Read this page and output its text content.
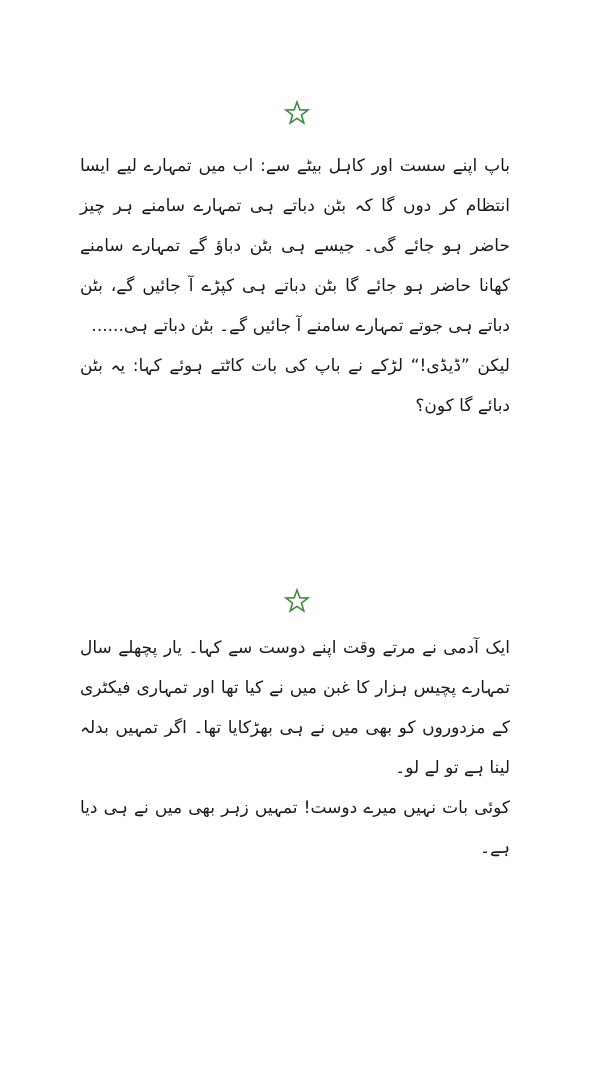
باپ اپنے سست اور کاہل بیٹے سے: اب میں تمہارے لیے ایسا انتظام کر دوں گا کہ بٹن دباتے ہی تمہارے سامنے ہر چیز حاضر ہو جائے گی۔ جیسے ہی بٹن دباؤ گے تمہارے سامنے کھانا حاضر ہو جائے گا بٹن دباتے ہی کپڑے آ جائیں گے، بٹن دباتے ہی جوتے تمہارے سامنے آ جائیں گے۔ بٹن دباتے ہی......

لیکن ”ڈیڈی!“ لڑکے نے باپ کی بات کاٹتے ہوئے کہا: یہ بٹن دبائے گا کون؟

ایک آدمی نے مرتے وقت اپنے دوست سے کہا۔ یار پچھلے سال تمہارے پچیس ہزار کا غبن میں نے کیا تھا اور تمہاری فیکٹری کے مزدوروں کو بھی میں نے ہی بھڑکایا تھا۔ اگر تمہیں بدلہ لینا ہے تو لے لو۔

کوئی بات نہیں میرے دوست! تمہیں زہر بھی میں نے ہی دیا ہے۔
